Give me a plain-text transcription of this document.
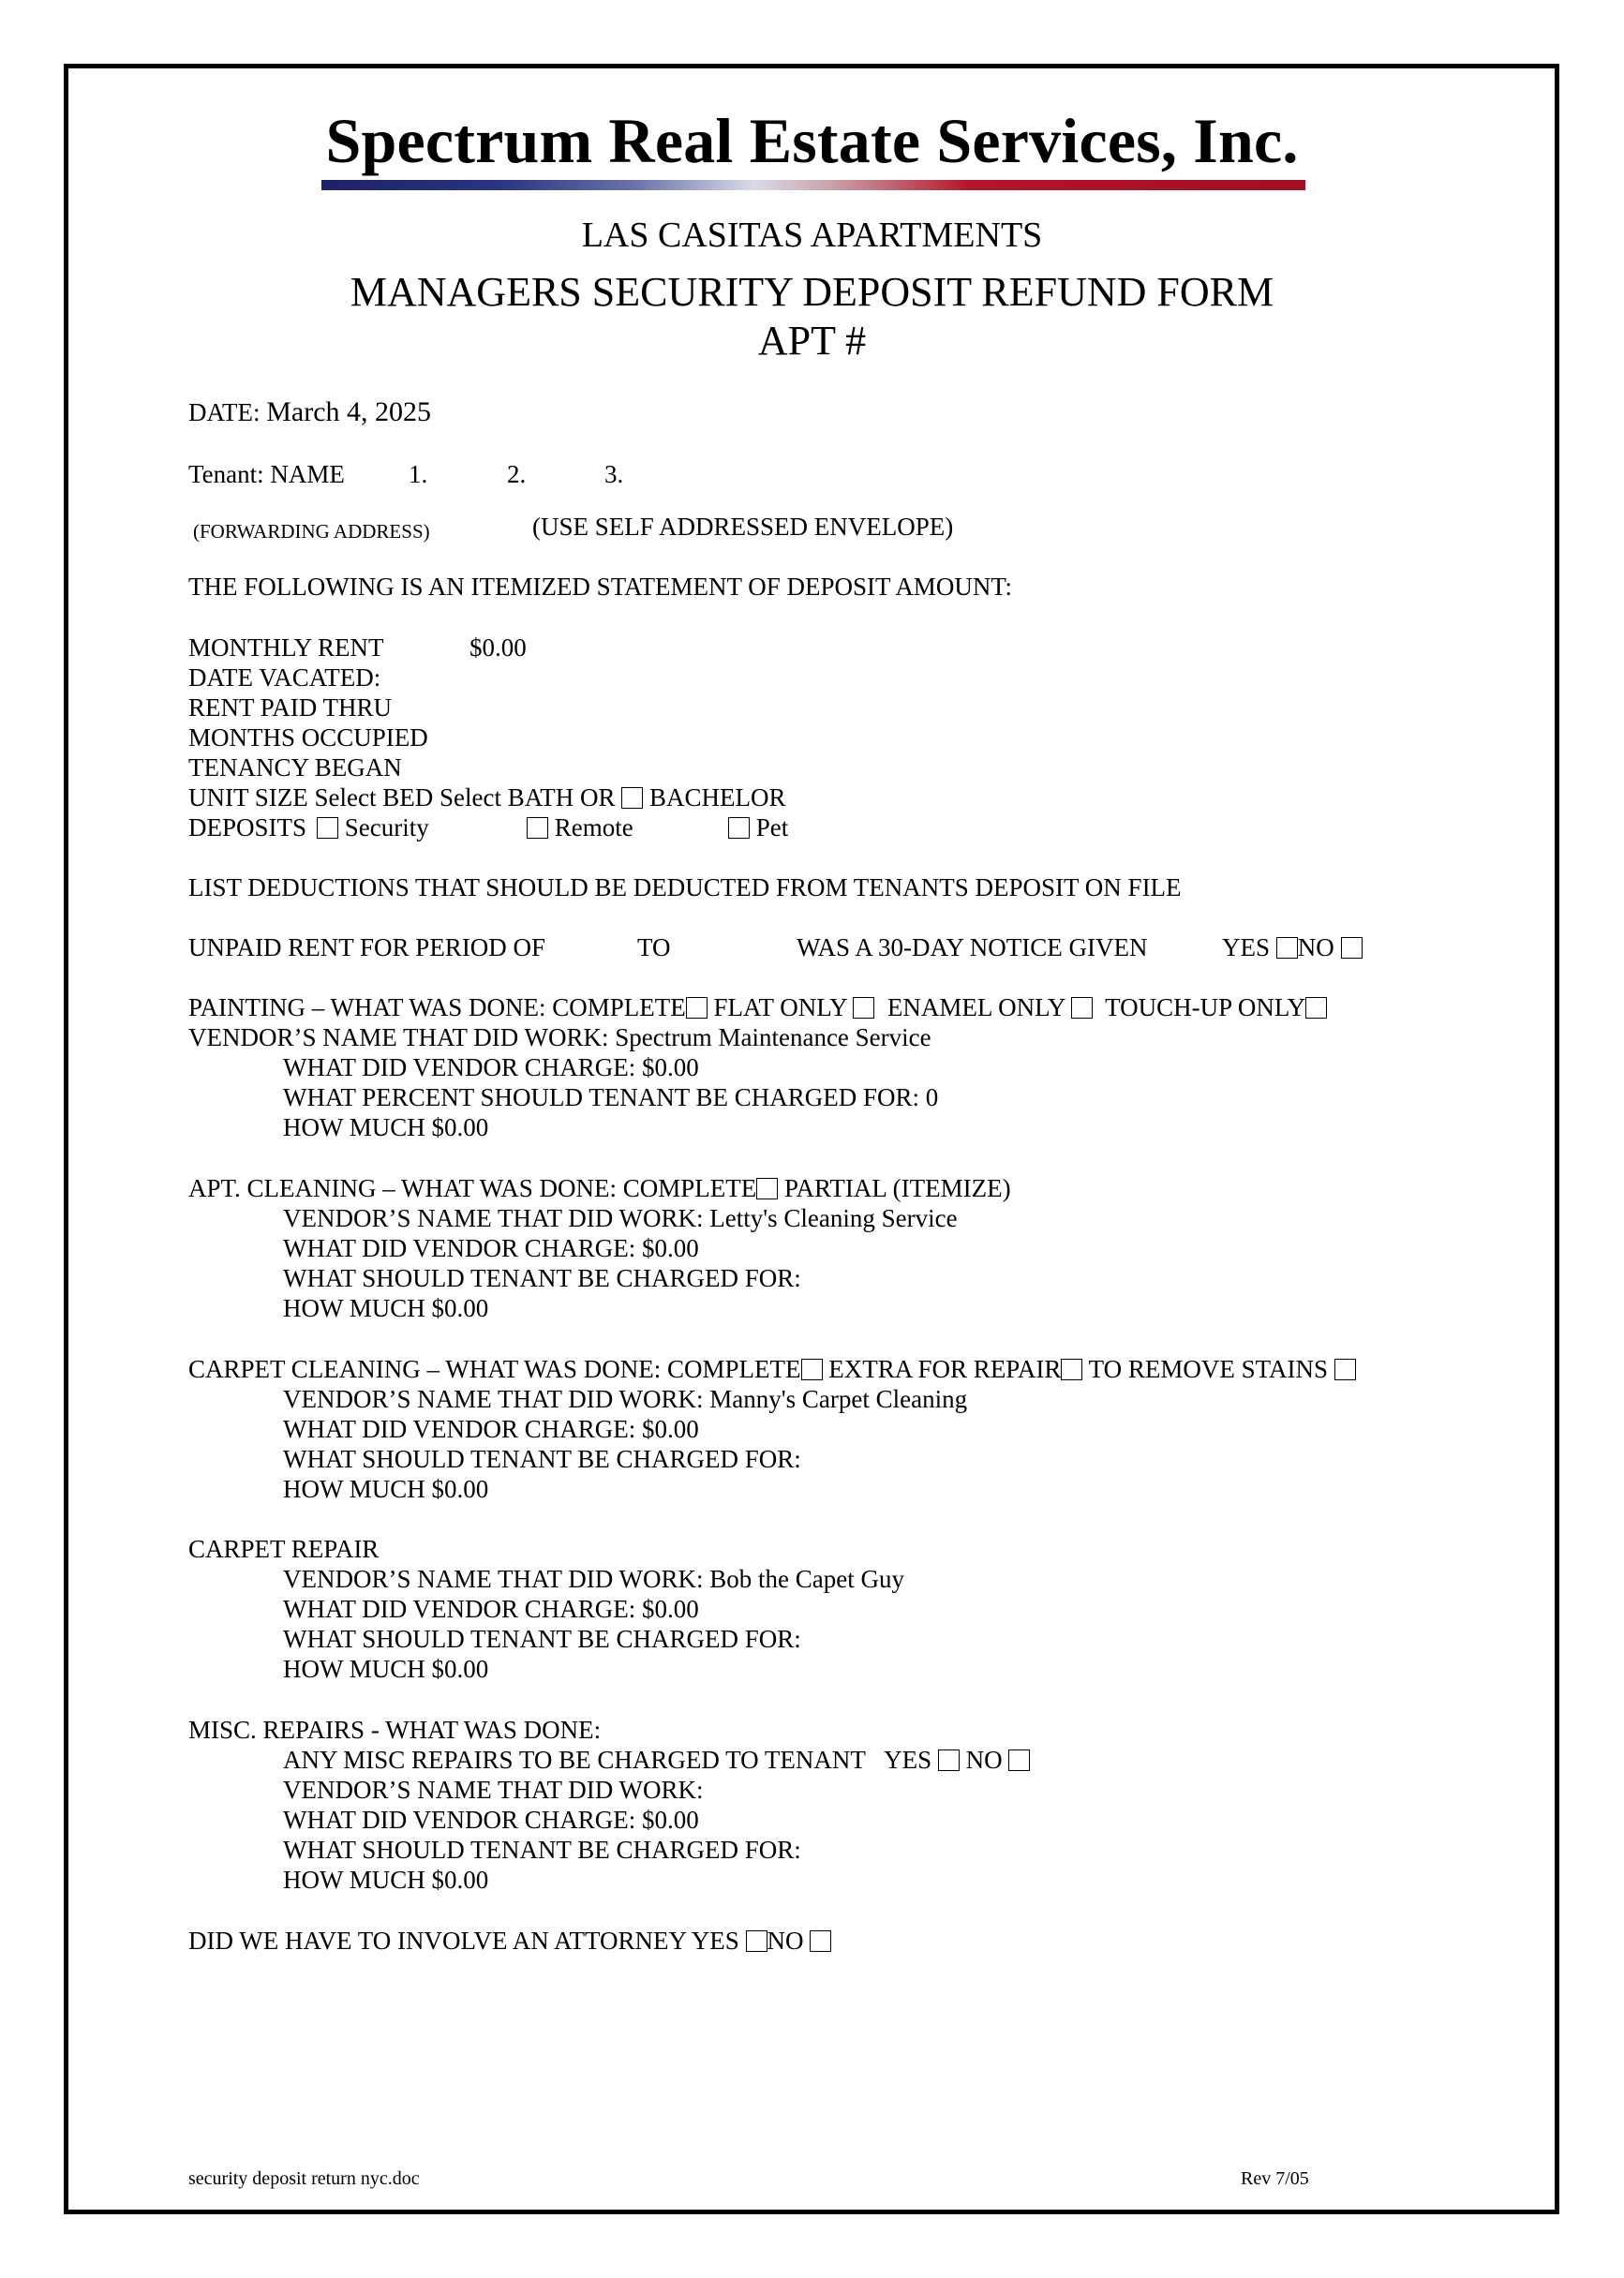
Spectrum Real Estate Services, Inc.
LAS CASITAS APARTMENTS
MANAGERS SECURITY DEPOSIT REFUND FORM
APT #
DATE: March 4, 2025
Tenant: NAME	1.	2.	3.
(FORWARDING ADDRESS)	(USE SELF ADDRESSED ENVELOPE)
THE FOLLOWING IS AN ITEMIZED STATEMENT OF DEPOSIT AMOUNT:
MONTHLY RENT	$0.00
DATE VACATED:
RENT PAID THRU
MONTHS OCCUPIED
TENANCY BEGAN
UNIT SIZE Select BED Select BATH OR BACHELOR
DEPOSITS	Security	Remote	Pet
LIST DEDUCTIONS THAT SHOULD BE DEDUCTED FROM TENANTS DEPOSIT ON FILE
UNPAID RENT FOR PERIOD OF	TO	WAS A 30-DAY NOTICE GIVEN	YES NO
PAINTING – WHAT WAS DONE: COMPLETE FLAT ONLY ENAMEL ONLY TOUCH-UP ONLY
VENDOR’S NAME THAT DID WORK: Spectrum Maintenance Service
WHAT DID VENDOR CHARGE: $0.00
WHAT PERCENT SHOULD TENANT BE CHARGED FOR: 0
HOW MUCH $0.00
APT. CLEANING – WHAT WAS DONE: COMPLETE PARTIAL (ITEMIZE)
VENDOR’S NAME THAT DID WORK: Letty's Cleaning Service
WHAT DID VENDOR CHARGE: $0.00
WHAT SHOULD TENANT BE CHARGED FOR:
HOW MUCH $0.00
CARPET CLEANING – WHAT WAS DONE: COMPLETE EXTRA FOR REPAIR TO REMOVE STAINS
VENDOR’S NAME THAT DID WORK: Manny's Carpet Cleaning
WHAT DID VENDOR CHARGE: $0.00
WHAT SHOULD TENANT BE CHARGED FOR:
HOW MUCH $0.00
CARPET REPAIR
VENDOR’S NAME THAT DID WORK: Bob the Capet Guy
WHAT DID VENDOR CHARGE: $0.00
WHAT SHOULD TENANT BE CHARGED FOR:
HOW MUCH $0.00
MISC. REPAIRS - WHAT WAS DONE:
ANY MISC REPAIRS TO BE CHARGED TO TENANT YES NO
VENDOR’S NAME THAT DID WORK:
WHAT DID VENDOR CHARGE: $0.00
WHAT SHOULD TENANT BE CHARGED FOR:
HOW MUCH $0.00
DID WE HAVE TO INVOLVE AN ATTORNEY YES NO
security deposit return nyc.doc	Rev 7/05
